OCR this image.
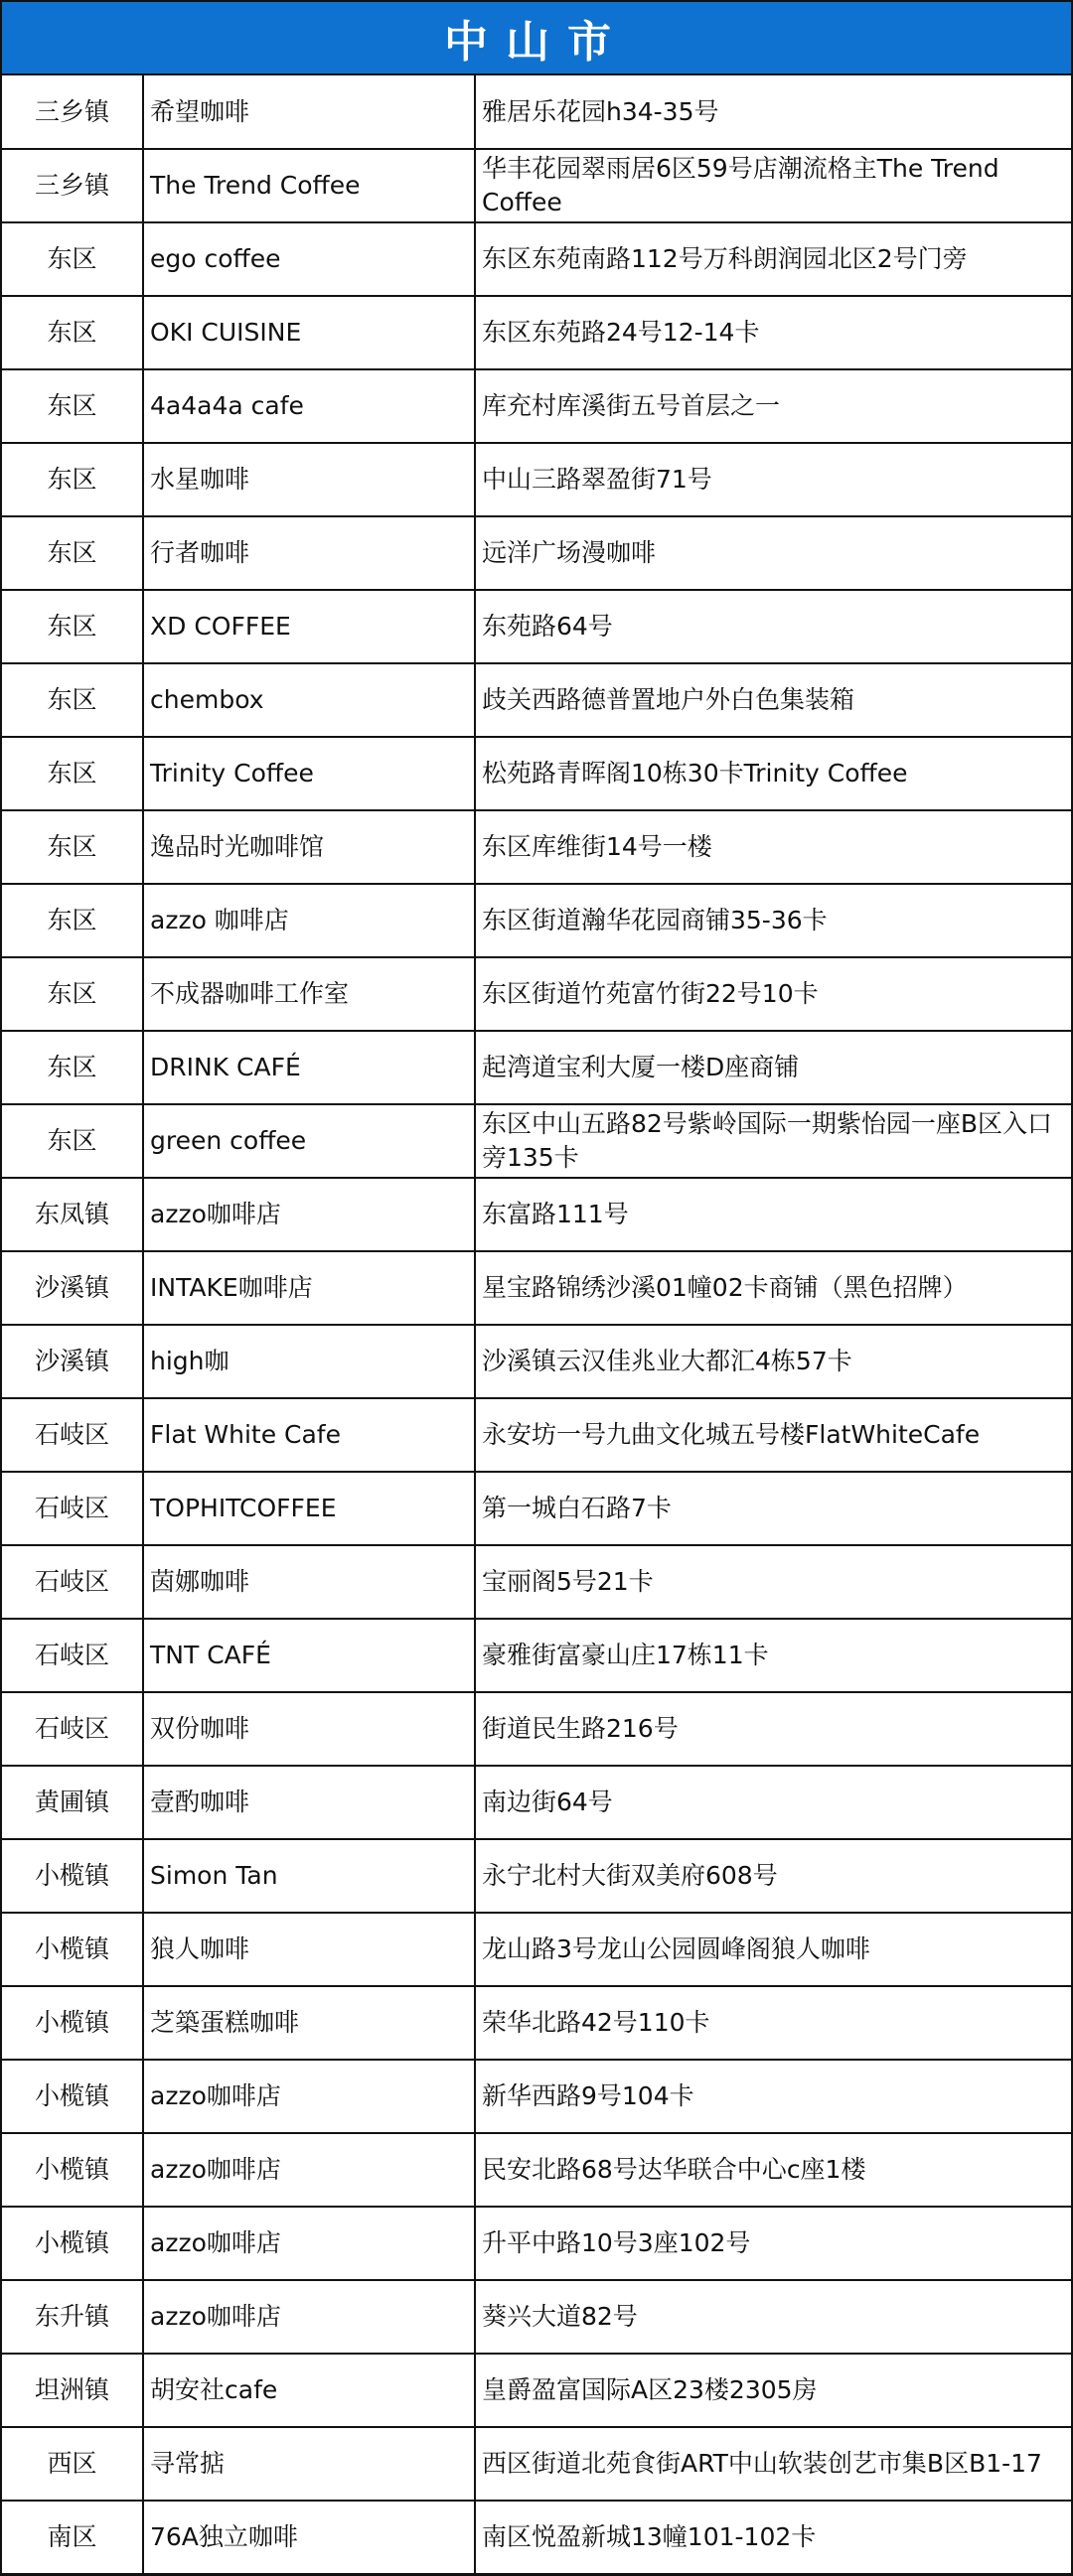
中山市
三乡镇	希望咖啡	雅居乐花园h34-35号
三乡镇	The Trend Coffee	华丰花园翠雨居6区59号店潮流格主The Trend Coffee
东区	ego coffee	东区东苑南路112号万科朗润园北区2号门旁
东区	OKI CUISINE	东区东苑路24号12-14卡
东区	4a4a4a cafe	库充村库溪街五号首层之一
东区	水星咖啡	中山三路翠盈街71号
东区	行者咖啡	远洋广场漫咖啡
东区	XD COFFEE	东苑路64号
东区	chembox	歧关西路德普置地户外白色集装箱
东区	Trinity Coffee	松苑路青晖阁10栋30卡Trinity Coffee
东区	逸品时光咖啡馆	东区库维街14号一楼
东区	azzo 咖啡店	东区街道瀚华花园商铺35-36卡
东区	不成器咖啡工作室	东区街道竹苑富竹街22号10卡
东区	DRINK CAFÉ	起湾道宝利大厦一楼D座商铺
东区	green coffee	东区中山五路82号紫岭国际一期紫怡园一座B区入口旁135卡
东凤镇	azzo咖啡店	东富路111号
沙溪镇	INTAKE咖啡店	星宝路锦绣沙溪01幢02卡商铺（黑色招牌）
沙溪镇	high咖	沙溪镇云汉佳兆业大都汇4栋57卡
石岐区	Flat White Cafe	永安坊一号九曲文化城五号楼FlatWhiteCafe
石岐区	TOPHITCOFFEE	第一城白石路7卡
石岐区	茵娜咖啡	宝丽阁5号21卡
石岐区	TNT CAFÉ	豪雅街富豪山庄17栋11卡
石岐区	双份咖啡	街道民生路216号
黄圃镇	壹酌咖啡	南边街64号
小榄镇	Simon Tan	永宁北村大街双美府608号
小榄镇	狼人咖啡	龙山路3号龙山公园圆峰阁狼人咖啡
小榄镇	芝築蛋糕咖啡	荣华北路42号110卡
小榄镇	azzo咖啡店	新华西路9号104卡
小榄镇	azzo咖啡店	民安北路68号达华联合中心c座1楼
小榄镇	azzo咖啡店	升平中路10号3座102号
东升镇	azzo咖啡店	葵兴大道82号
坦洲镇	胡安社cafe	皇爵盈富国际A区23楼2305房
西区	寻常掂	西区街道北苑食街ART中山软装创艺市集B区B1-17
南区	76A独立咖啡	南区悦盈新城13幢101-102卡
